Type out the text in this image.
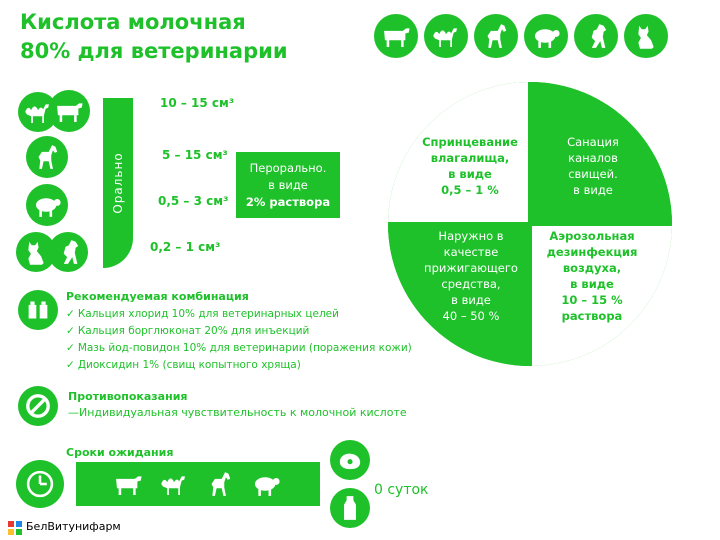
Кислота молочная
80% для ветеринарии
Орально
10 – 15 см³
5 – 15 см³
0,5 – 3 см³
0,2 – 1 см³
Перорально.
в виде
2% раствора
Спринцевание
влагалища,
в виде
0,5 – 1 %
Санация
каналов
свищей.
в виде
Наружно в
качестве
прижигающего
средства,
в виде
40 – 50 %
Аэрозольная
дезинфекция
воздуха,
в виде
10 – 15 %
раствора
Рекомендуемая комбинация
✓ Кальция хлорид 10% для ветеринарных целей
✓ Кальция борглюконат 20% для инъекций
✓ Мазь йод-повидон 10% для ветеринарии (поражения кожи)
✓ Диоксидин 1% (свищ копытного хряща)
Противопоказания
—Индивидуальная чувствительность к молочной кислоте
Сроки ожидания
0 суток
БелВитунифарм
